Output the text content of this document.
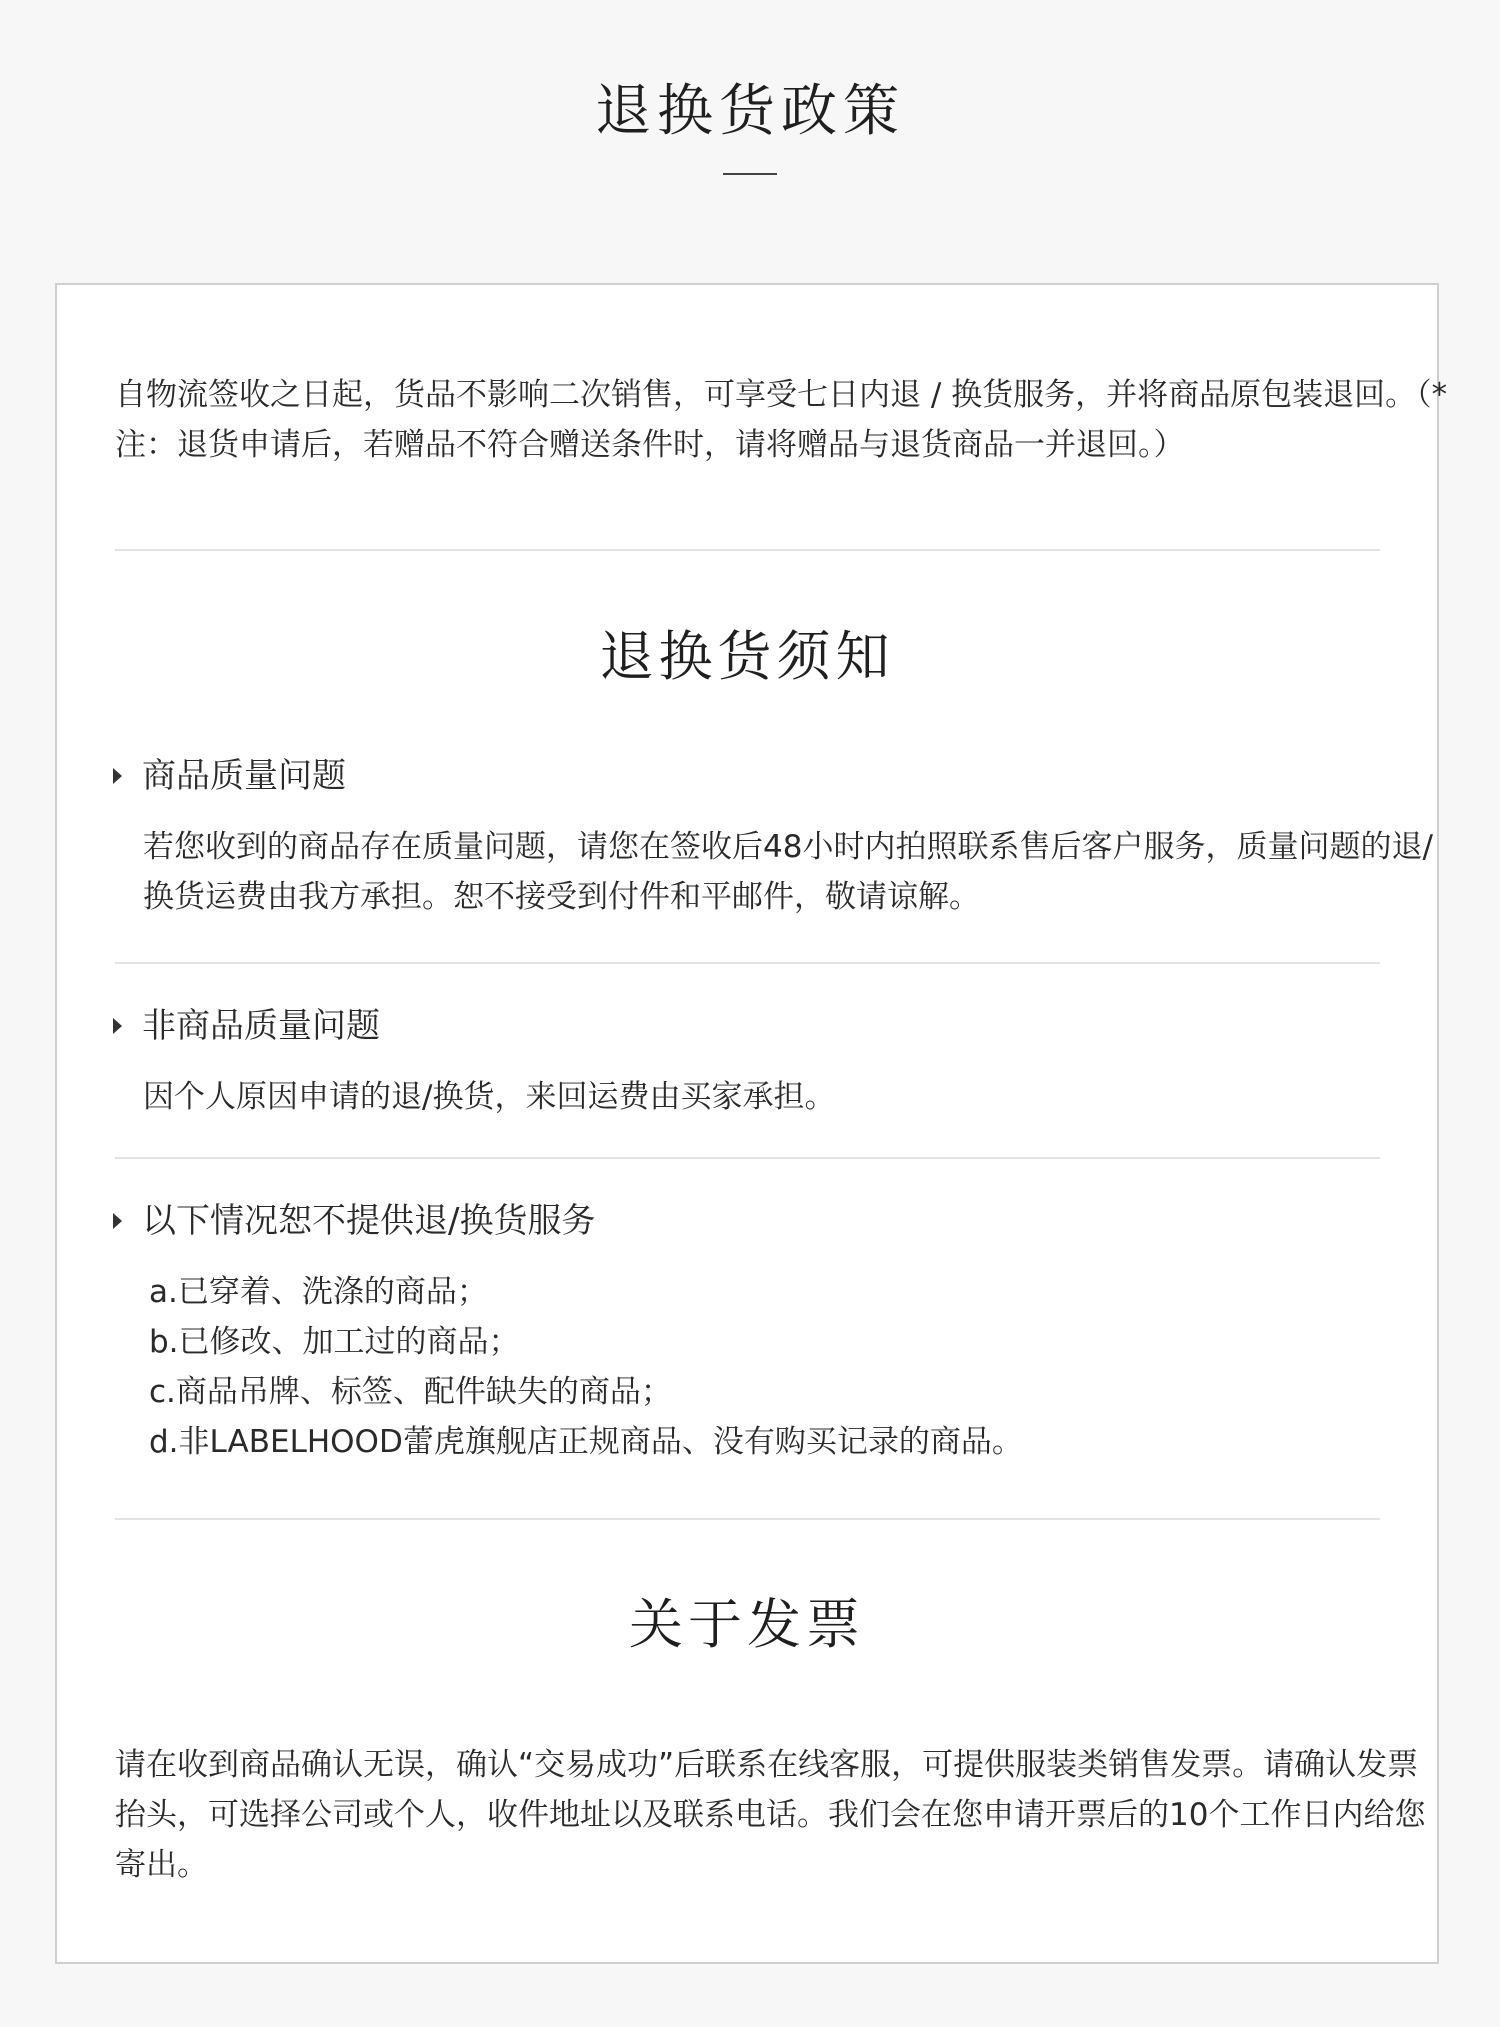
退换货政策
自物流签收之日起，货品不影响二次销售，可享受七日内退 / 换货服务，并将商品原包装退回。（* 注：退货申请后，若赠品不符合赠送条件时，请将赠品与退货商品一并退回。）
退换货须知
商品质量问题
若您收到的商品存在质量问题，请您在签收后48小时内拍照联系售后客户服务，质量问题的退/换货运费由我方承担。恕不接受到付件和平邮件，敬请谅解。
非商品质量问题
因个人原因申请的退/换货，来回运费由买家承担。
以下情况恕不提供退/换货服务
a.已穿着、洗涤的商品；
b.已修改、加工过的商品；
c.商品吊牌、标签、配件缺失的商品；
d.非LABELHOOD蕾虎旗舰店正规商品、没有购买记录的商品。
关于发票
请在收到商品确认无误，确认“交易成功”后联系在线客服，可提供服装类销售发票。请确认发票抬头，可选择公司或个人，收件地址以及联系电话。我们会在您申请开票后的10个工作日内给您寄出。
